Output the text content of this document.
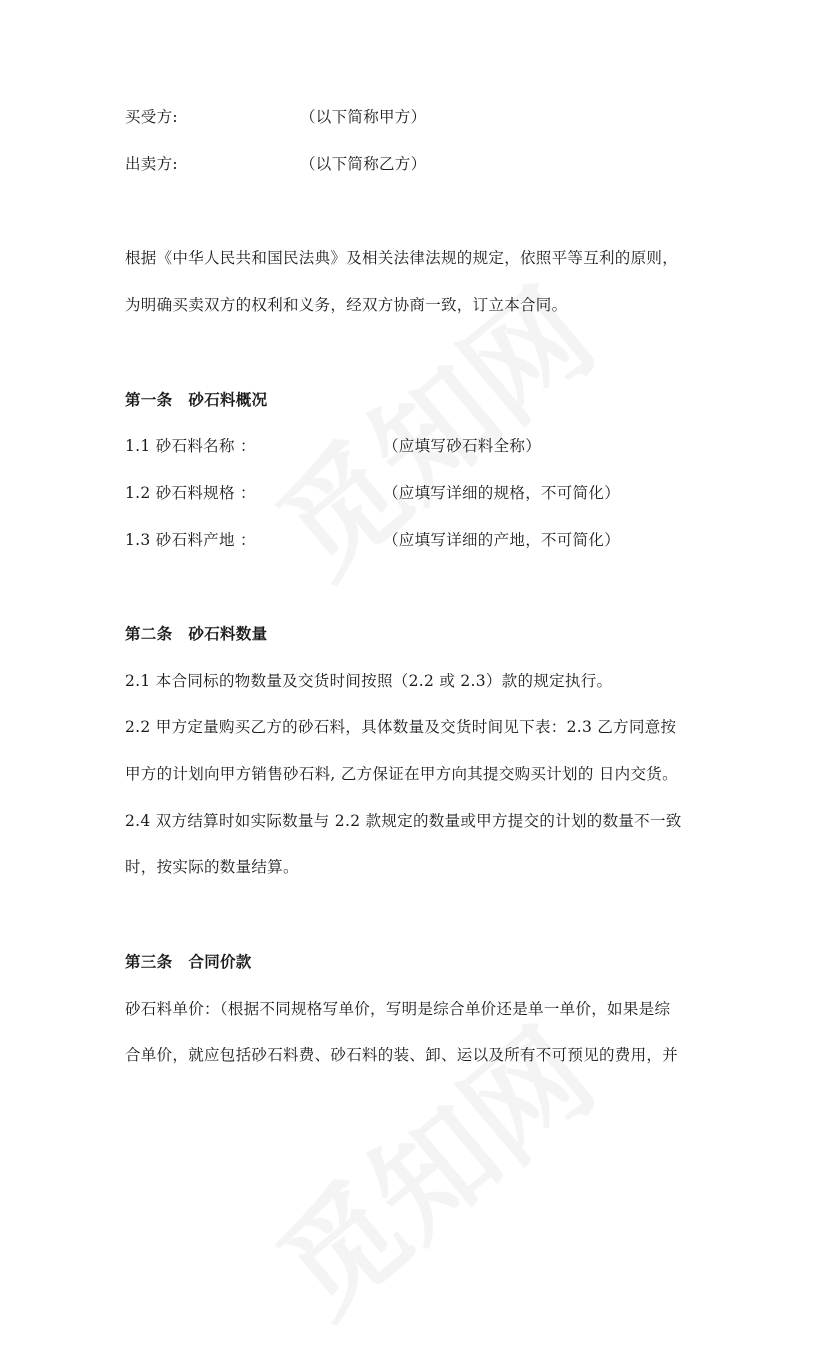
买受方:	（以下简称甲方）
出卖方:	（以下简称乙方）
根据《中华人民共和国民法典》及相关法律法规的规定，依照平等互利的原则，
为明确买卖双方的权利和义务，经双方协商一致，订立本合同。
第一条 砂石料概况
1.1 砂石料名称 ：	（应填写砂石料全称）
1.2 砂石料规格 ：	（应填写详细的规格，不可简化）
1.3 砂石料产地 ：	（应填写详细的产地，不可简化）
第二条 砂石料数量
2.1 本合同标的物数量及交货时间按照（2.2 或 2.3）款的规定执行。
2.2 甲方定量购买乙方的砂石料，具体数量及交货时间见下表：2.3 乙方同意按
甲方的计划向甲方销售砂石料, 乙方保证在甲方向其提交购买计划的 日内交货。
2.4 双方结算时如实际数量与 2.2 款规定的数量或甲方提交的计划的数量不一致
时，按实际的数量结算。
第三条 合同价款
砂石料单价：（根据不同规格写单价，写明是综合单价还是单一单价，如果是综
合单价，就应包括砂石料费、砂石料的装、卸、运以及所有不可预见的费用，并
